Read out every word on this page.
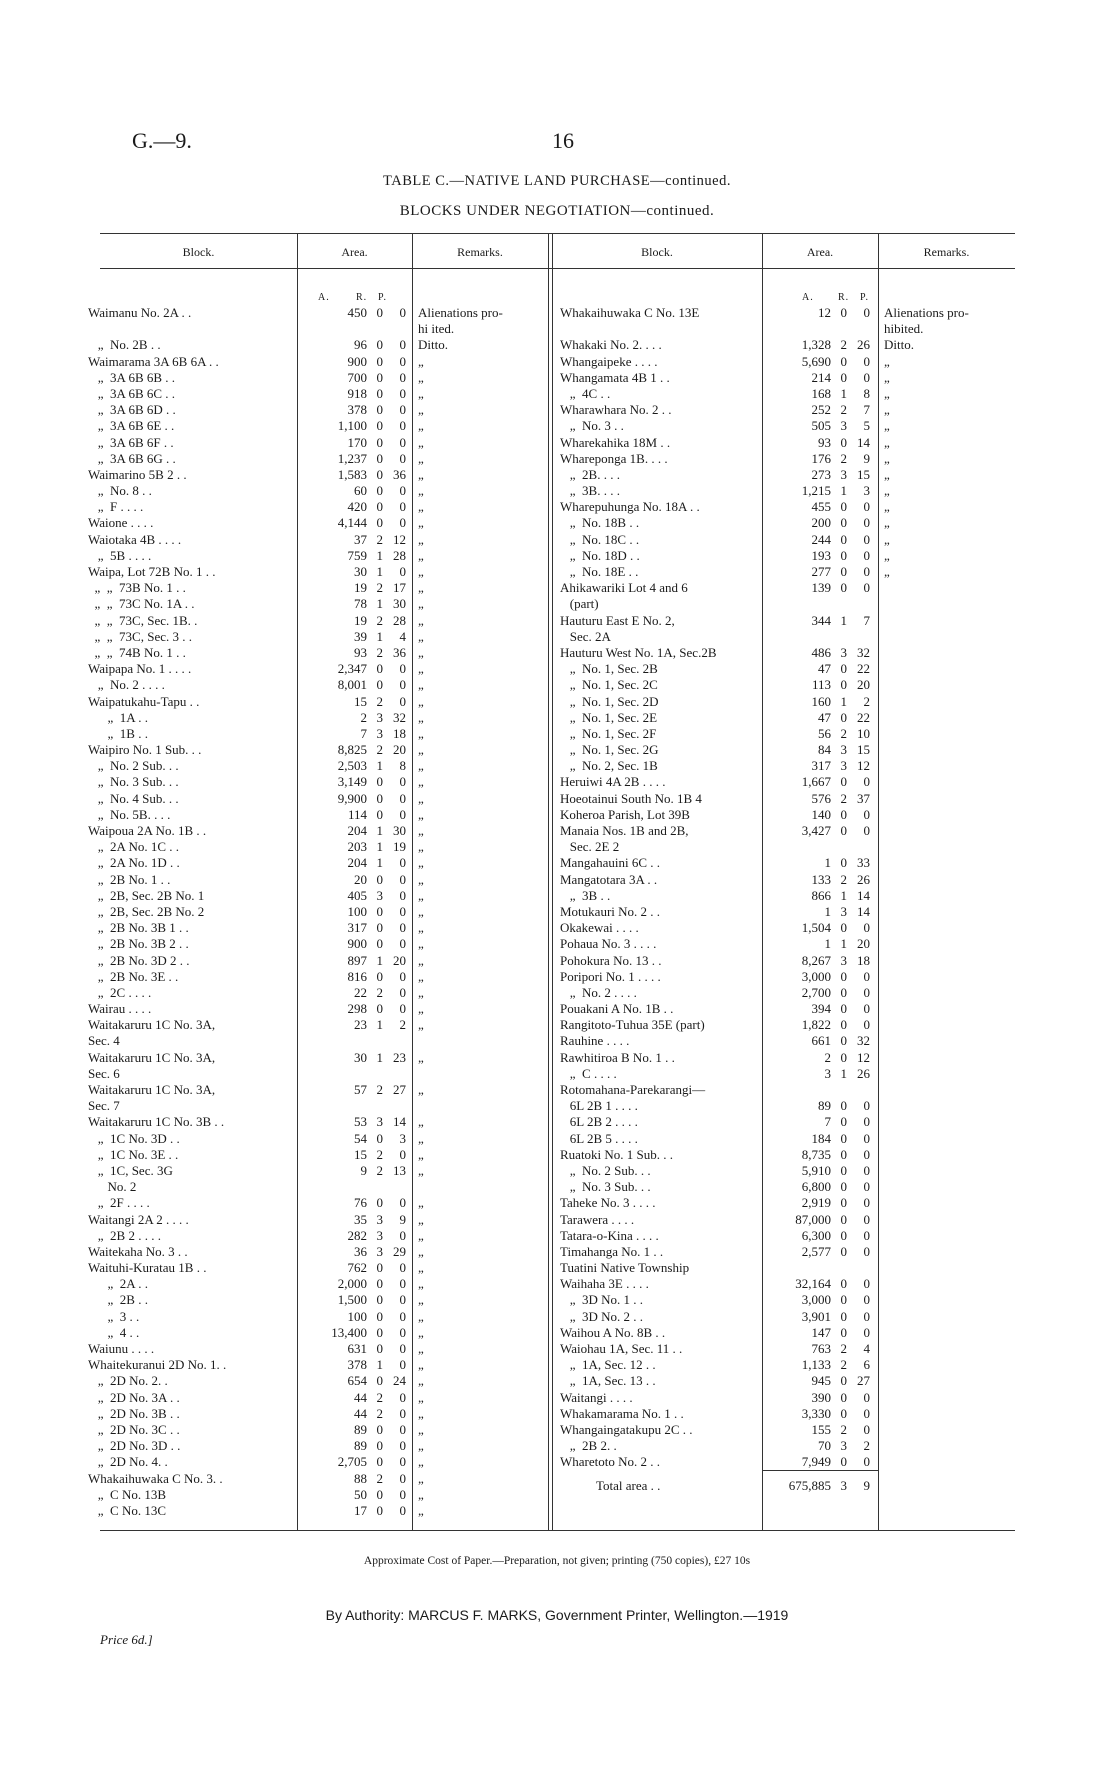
G.—9.	16
TABLE C.—NATIVE LAND PURCHASE—continued.
BLOCKS UNDER NEGOTIATION—continued.
Block.	Area.	Remarks.	Block.	Area.	Remarks.
A.	R. P.	A. R. P.
Waimanu No. 2A . .	450 0	0 Alienations pro-
hi ited.
„  No. 2B . .	96 0	0 Ditto.
Waimarama 3A 6B 6A . .	900 0	0 „
„  3A 6B 6B . .	700 0	0 „
„  3A 6B 6C . .	918 0	0 „
„  3A 6B 6D . .	378 0	0 „
„  3A 6B 6E . .	1,100 0	0 „
„  3A 6B 6F . .	170 0	0 „
„  3A 6B 6G . .	1,237 0	0 „
Waimarino 5B 2 . .	1,583 0 36 „
„  No. 8 . .	60 0	0 „
„  F . . . .	420 0	0 „
Waione . . . .	4,144 0	0 „
Waiotaka 4B . . . .	37 2 12 „
„  5B . . . .	759 1 28 „
Waipa, Lot 72B No. 1 . .	30 1	0 „
„  „  73B No. 1 . .	19 2 17 „
„  „  73C No. 1A . .	78 1 30 „
„  „  73C, Sec. 1B. .	19 2 28 „
„  „  73C, Sec. 3 . .	39 1	4 „
„  „  74B No. 1 . .	93 2 36 „
Waipapa No. 1 . . . .	2,347 0	0 „
„  No. 2 . . . .	8,001 0	0 „
Waipatukahu-Tapu . .	15 2	0 „
„  1A . .	2 3 32 „
„  1B . .	7 3 18 „
Waipiro No. 1 Sub. . .	8,825 2 20 „
„  No. 2 Sub. . .	2,503 1	8 „
„  No. 3 Sub. . .	3,149 0	0 „
„  No. 4 Sub. . .	9,900 0	0 „
„  No. 5B. . . .	114 0	0 „
Waipoua 2A No. 1B . .	204 1 30 „
„  2A No. 1C . .	203 1 19 „
„  2A No. 1D . .	204 1	0 „
„  2B No. 1 . .	20 0	0 „
„  2B, Sec. 2B No. 1	405 3	0 „
„  2B, Sec. 2B No. 2	100 0	0 „
„  2B No. 3B 1 . .	317 0	0 „
„  2B No. 3B 2 . .	900 0	0 „
„  2B No. 3D 2 . .	897 1 20 „
„  2B No. 3E . .	816 0	0 „
„  2C . . . .	22 2	0 „
Wairau . . . .	298 0	0 „
Waitakaruru 1C No. 3A,	23 1	2 „
Sec. 4
Waitakaruru 1C No. 3A,	30 1 23 „
Sec. 6
Waitakaruru 1C No. 3A,	57 2 27 „
Sec. 7
Waitakaruru 1C No. 3B . .	53 3 14 „
„  1C No. 3D . .	54 0	3 „
„  1C No. 3E . .	15 2	0 „
„  1C, Sec. 3G	9 2 13 „
No. 2
„  2F . . . .	76 0	0 „
Waitangi 2A 2 . . . .	35 3	9 „
„  2B 2 . . . .	282 3	0 „
Waitekaha No. 3 . .	36 3 29 „
Waituhi-Kuratau 1B . .	762 0	0 „
„  2A . .	2,000 0	0 „
„  2B . .	1,500 0	0 „
„  3 . .	100 0	0 „
„  4 . .	13,400 0	0 „
Waiunu . . . .	631 0	0 „
Whaitekuranui 2D No. 1. .	378 1	0 „
„  2D No. 2. .	654 0 24 „
„  2D No. 3A . .	44 2	0 „
„  2D No. 3B . .	44 2	0 „
„  2D No. 3C . .	89 0	0 „
„  2D No. 3D . .	89 0	0 „
„  2D No. 4. .	2,705 0	0 „
Whakaihuwaka C No. 3. .	88 2	0 „
„  C No. 13B	50 0	0 „
„  C No. 13C	17 0	0 „
Whakaihuwaka C No. 13E	12 0	0 Alienations pro-
hibited.
Whakaki No. 2. . . .	1,328 2 26 Ditto.
Whangaipeke . . . .	5,690 0	0 „
Whangamata 4B 1 . .	214 0	0 „
„  4C . .	168 1	8 „
Wharawhara No. 2 . .	252 2	7 „
„  No. 3 . .	505 3	5 „
Wharekahika 18M . .	93 0 14 „
Whareponga 1B. . . .	176 2	9 „
„  2B. . . .	273 3 15 „
„  3B. . . .	1,215 1	3 „
Wharepuhunga No. 18A . .	455 0	0 „
„  No. 18B . .	200 0	0 „
„  No. 18C . .	244 0	0 „
„  No. 18D . .	193 0	0 „
„  No. 18E . .	277 0	0 „
Ahikawariki Lot 4 and 6	139 0	0
(part)
Hauturu East E No. 2,	344 1	7
Sec. 2A
Hauturu West No. 1A, Sec.2B	486 3 32
„  No. 1, Sec. 2B	47 0 22
„  No. 1, Sec. 2C	113 0 20
„  No. 1, Sec. 2D	160 1	2
„  No. 1, Sec. 2E	47 0 22
„  No. 1, Sec. 2F	56 2 10
„  No. 1, Sec. 2G	84 3 15
„  No. 2, Sec. 1B	317 3 12
Heruiwi 4A 2B . . . .	1,667 0	0
Hoeotainui South No. 1B 4	576 2 37
Koheroa Parish, Lot 39B	140 0	0
Manaia Nos. 1B and 2B,	3,427 0	0
Sec. 2E 2
Mangahauini 6C . .	1 0 33
Mangatotara 3A . .	133 2 26
„  3B . .	866 1 14
Motukauri No. 2 . .	1 3 14
Okakewai . . . .	1,504 0	0
Pohaua No. 3 . . . .	1 1 20
Pohokura No. 13 . .	8,267 3 18
Poripori No. 1 . . . .	3,000 0	0
„  No. 2 . . . .	2,700 0	0
Pouakani A No. 1B . .	394 0	0
Rangitoto-Tuhua 35E (part)	1,822 0	0
Rauhine . . . .	661 0 32
Rawhitiroa B No. 1 . .	2 0 12
„  C . . . .	3 1 26
Rotomahana-Parekarangi—
6L 2B 1 . . . .	89 0	0
6L 2B 2 . . . .	7 0	0
6L 2B 5 . . . .	184 0	0
Ruatoki No. 1 Sub. . .	8,735 0	0
„  No. 2 Sub. . .	5,910 0	0
„  No. 3 Sub. . .	6,800 0	0
Taheke No. 3 . . . .	2,919 0	0
Tarawera . . . .	87,000 0	0
Tatara-o-Kina . . . .	6,300 0	0
Timahanga No. 1 . .	2,577 0	0
Tuatini Native Township
Waihaha 3E . . . .	32,164 0	0
„  3D No. 1 . .	3,000 0	0
„  3D No. 2 . .	3,901 0	0
Waihou A No. 8B . .	147 0	0
Waiohau 1A, Sec. 11 . .	763 2	4
„  1A, Sec. 12 . .	1,133 2	6
„  1A, Sec. 13 . .	945 0 27
Waitangi . . . .	390 0	0
Whakamarama No. 1 . .	3,330 0	0
Whangaingatakupu 2C . .	155 2	0
„  2B 2. .	70 3	2
Wharetoto No. 2 . .	7,949 0	0
Total area . .	675,885 3	9
Approximate Cost of Paper.—Preparation, not given; printing (750 copies), £27 10s
By Authority: MARCUS F. MARKS, Government Printer, Wellington.—1919
Price 6d.]
